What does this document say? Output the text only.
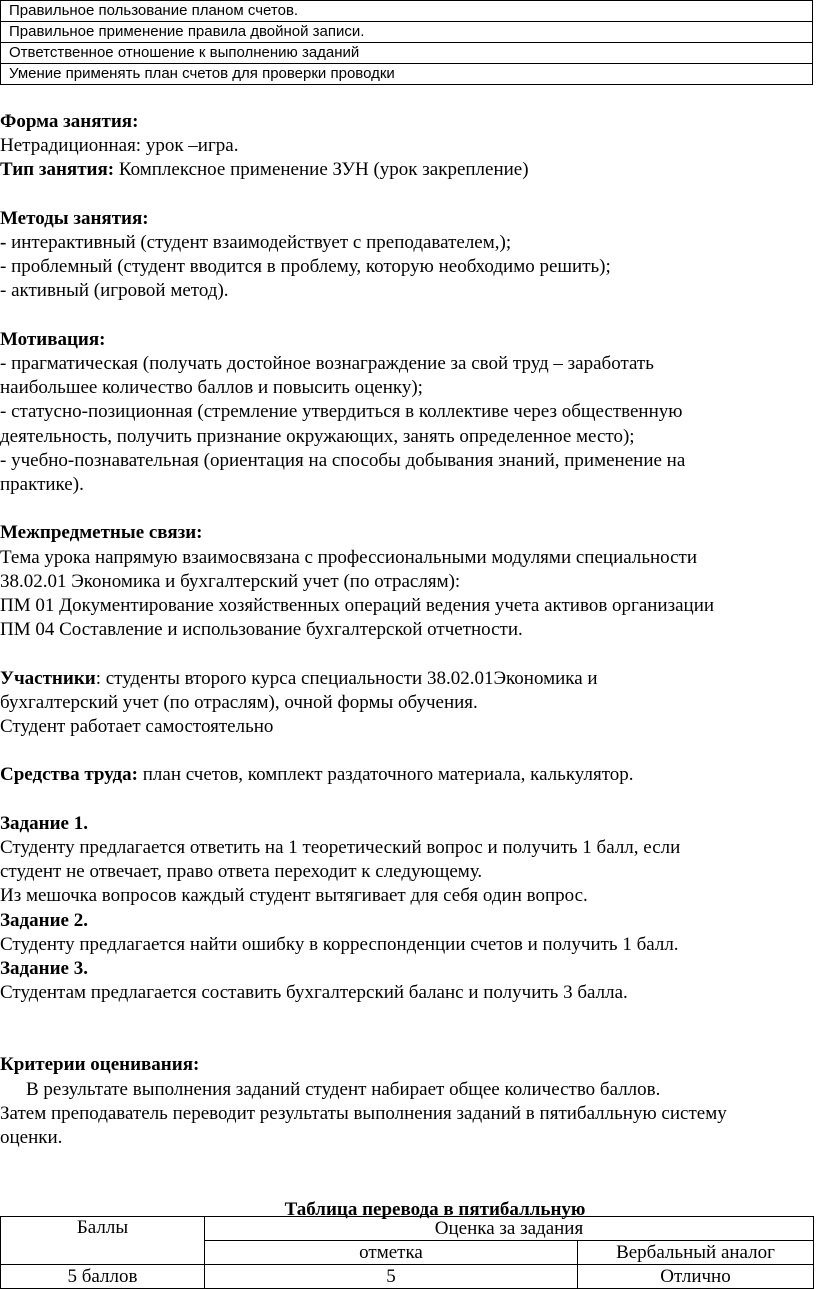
Правильное пользование планом счетов.
Правильное применение правила двойной записи.
Ответственное отношение к выполнению заданий
Умение применять план счетов для проверки проводки

Форма занятия:

Нетрадиционная: урок –игра.

Тип занятия: Комплексное применение ЗУН (урок закрепление)

Методы занятия:

- интерактивный (студент взаимодействует с преподавателем,);

- проблемный (студент вводится в проблему, которую необходимо решить);

- активный (игровой метод).

Мотивация:

- прагматическая (получать достойное вознаграждение за свой труд – заработать

наибольшее количество баллов и повысить оценку);

- статусно-позиционная (стремление утвердиться в коллективе через общественную

деятельность, получить признание окружающих, занять определенное место);

- учебно-познавательная (ориентация на способы добывания знаний, применение на

практике).

Межпредметные связи:

Тема урока напрямую взаимосвязана с профессиональными модулями специальности

38.02.01 Экономика и бухгалтерский учет (по отраслям):

ПМ 01 Документирование хозяйственных операций ведения учета активов организации

ПМ 04 Составление и использование бухгалтерской отчетности.

Участники: студенты второго курса специальности 38.02.01Экономика и

бухгалтерский учет (по отраслям), очной формы обучения.

Студент работает самостоятельно

Средства труда: план счетов, комплект раздаточного материала, калькулятор.

Задание 1.

Студенту предлагается ответить на 1 теоретический вопрос и получить 1 балл, если

студент не отвечает, право ответа переходит к следующему.

Из мешочка вопросов каждый студент вытягивает для себя один вопрос.

Задание 2.

Студенту предлагается найти ошибку в корреспонденции счетов и получить 1 балл.

Задание 3.

Студентам предлагается составить бухгалтерский баланс и получить 3 балла.

Критерии оценивания:

В результате выполнения заданий студент набирает общее количество баллов.

Затем преподаватель переводит результаты выполнения заданий в пятибалльную систему

оценки.

Таблица перевода в пятибалльную

Баллы	Оценка за задания	
	отметка	Вербальный аналог
5 баллов	5	Отлично
